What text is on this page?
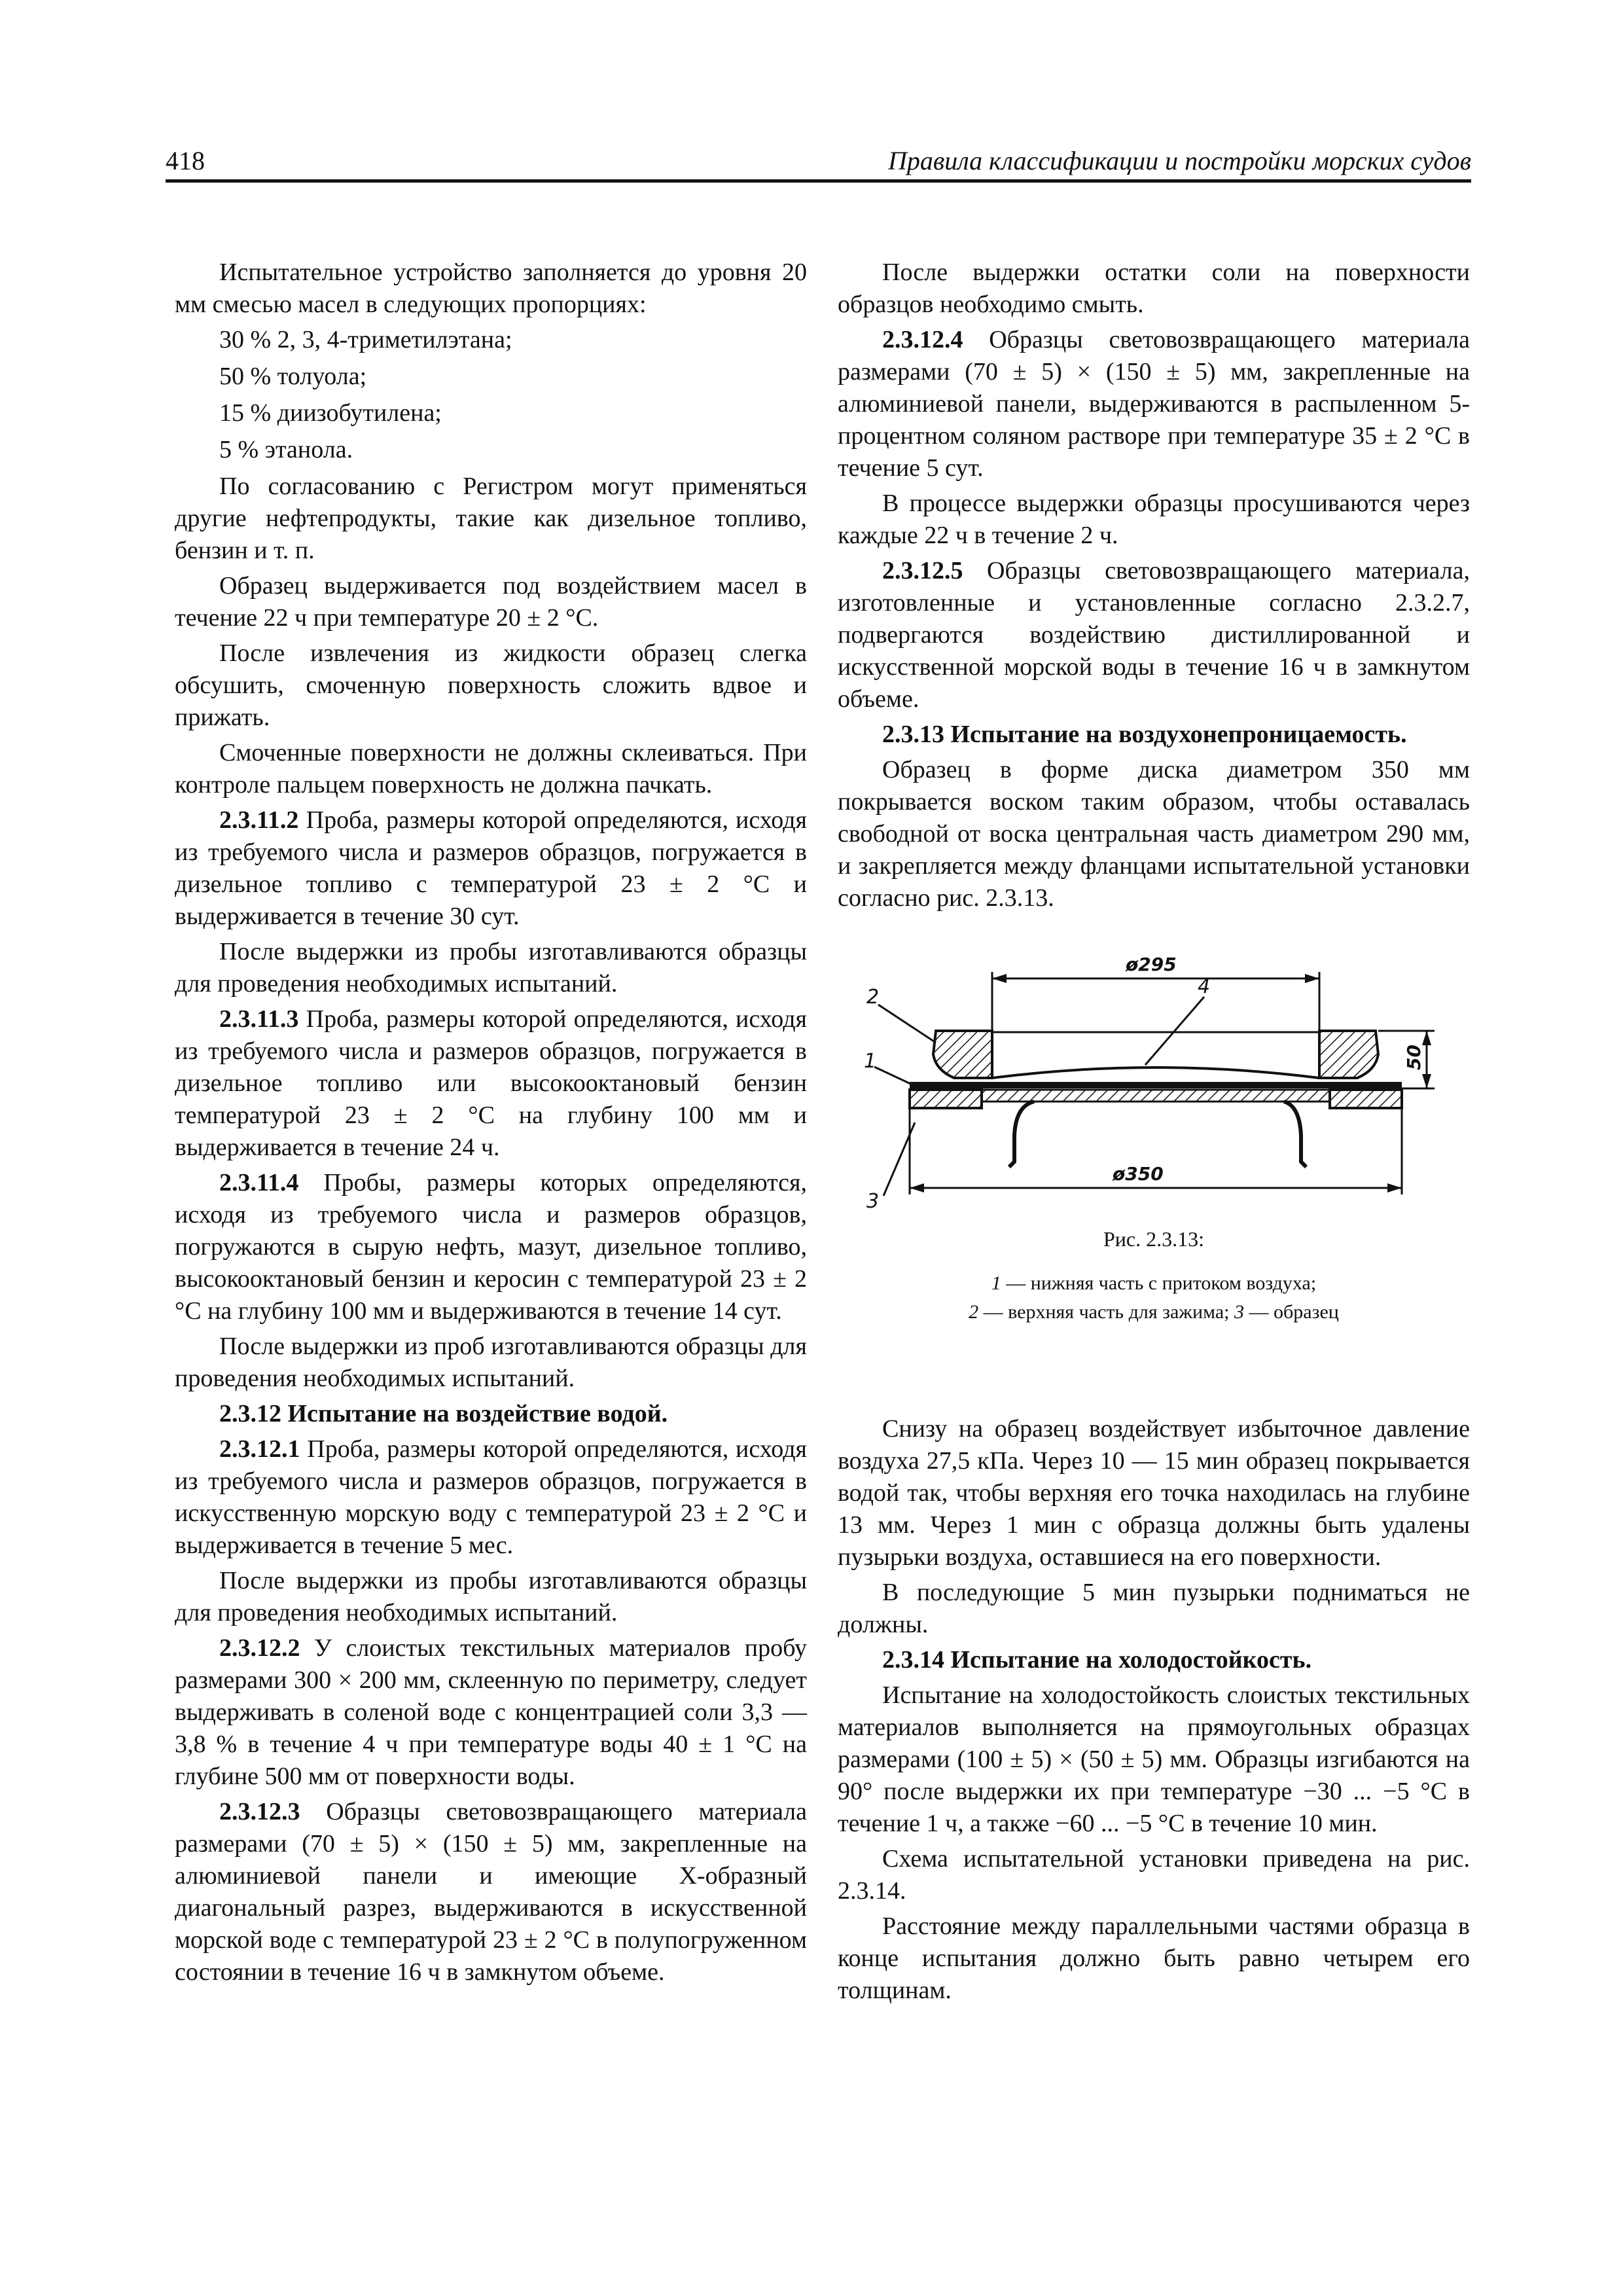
418	Правила классификации и постройки морских судов

Испытательное устройство заполняется до уровня 20 мм смесью масел в следующих пропорциях:

30 % 2, 3, 4-триметилэтана;

50 % толуола;

15 % диизобутилена;

5 % этанола.

По согласованию с Регистром могут применяться другие нефтепродукты, такие как дизельное топливо, бензин и т. п.

Образец выдерживается под воздействием масел в течение 22 ч при температуре 20 ± 2 °С.

После извлечения из жидкости образец слегка обсушить, смоченную поверхность сложить вдвое и прижать.

Смоченные поверхности не должны склеиваться. При контроле пальцем поверхность не должна пачкать.

2.3.11.2 Проба, размеры которой определяются, исходя из требуемого числа и размеров образцов, погружается в дизельное топливо с температурой 23 ± 2 °С и выдерживается в течение 30 сут.

После выдержки из пробы изготавливаются образцы для проведения необходимых испытаний.

2.3.11.3 Проба, размеры которой определяются, исходя из требуемого числа и размеров образцов, погружается в дизельное топливо или высокооктановый бензин температурой 23 ± 2 °С на глубину 100 мм и выдерживается в течение 24 ч.

2.3.11.4 Пробы, размеры которых определяются, исходя из требуемого числа и размеров образцов, погружаются в сырую нефть, мазут, дизельное топливо, высокооктановый бензин и керосин с температурой 23 ± 2 °С на глубину 100 мм и выдерживаются в течение 14 сут.

После выдержки из проб изготавливаются образцы для проведения необходимых испытаний.

2.3.12 Испытание на воздействие водой.

2.3.12.1 Проба, размеры которой определяются, исходя из требуемого числа и размеров образцов, погружается в искусственную морскую воду с температурой 23 ± 2 °С и выдерживается в течение 5 мес.

После выдержки из пробы изготавливаются образцы для проведения необходимых испытаний.

2.3.12.2 У слоистых текстильных материалов пробу размерами 300 × 200 мм, склеенную по периметру, следует выдерживать в соленой воде с концентрацией соли 3,3 — 3,8 % в течение 4 ч при температуре воды 40 ± 1 °С на глубине 500 мм от поверхности воды.

2.3.12.3 Образцы световозвращающего материала размерами (70 ± 5) × (150 ± 5) мм, закрепленные на алюминиевой панели и имеющие Х-образный диагональный разрез, выдерживаются в искусственной морской воде с температурой 23 ± 2 °С в полупогруженном состоянии в течение 16 ч в замкнутом объеме.

После выдержки остатки соли на поверхности образцов необходимо смыть.

2.3.12.4 Образцы световозвращающего материала размерами (70 ± 5) × (150 ± 5) мм, закрепленные на алюминиевой панели, выдерживаются в распыленном 5-процентном соляном растворе при температуре 35 ± 2 °С в течение 5 сут.

В процессе выдержки образцы просушиваются через каждые 22 ч в течение 2 ч.

2.3.12.5 Образцы световозвращающего материала, изготовленные и установленные согласно 2.3.2.7, подвергаются воздействию дистиллированной и искусственной морской воды в течение 16 ч в замкнутом объеме.

2.3.13 Испытание на воздухонепроницаемость.

Образец в форме диска диаметром 350 мм покрывается воском таким образом, чтобы оставалась свободной от воска центральная часть диаметром 290 мм, и закрепляется между фланцами испытательной установки согласно рис. 2.3.13.

ø295
ø350
50
2
1
3
4
Рис. 2.3.13:
1 — нижняя часть с притоком воздуха;
2 — верхняя часть для зажима; 3 — образец

Снизу на образец воздействует избыточное давление воздуха 27,5 кПа. Через 10 — 15 мин образец покрывается водой так, чтобы верхняя его точка находилась на глубине 13 мм. Через 1 мин с образца должны быть удалены пузырьки воздуха, оставшиеся на его поверхности.

В последующие 5 мин пузырьки подниматься не должны.

2.3.14 Испытание на холодостойкость.

Испытание на холодостойкость слоистых текстильных материалов выполняется на прямоугольных образцах размерами (100 ± 5) × (50 ± 5) мм. Образцы изгибаются на 90° после выдержки их при температуре −30 ... −5 °С в течение 1 ч, а также −60 ... −5 °С в течение 10 мин.

Схема испытательной установки приведена на рис. 2.3.14.

Расстояние между параллельными частями образца в конце испытания должно быть равно четырем его толщинам.
